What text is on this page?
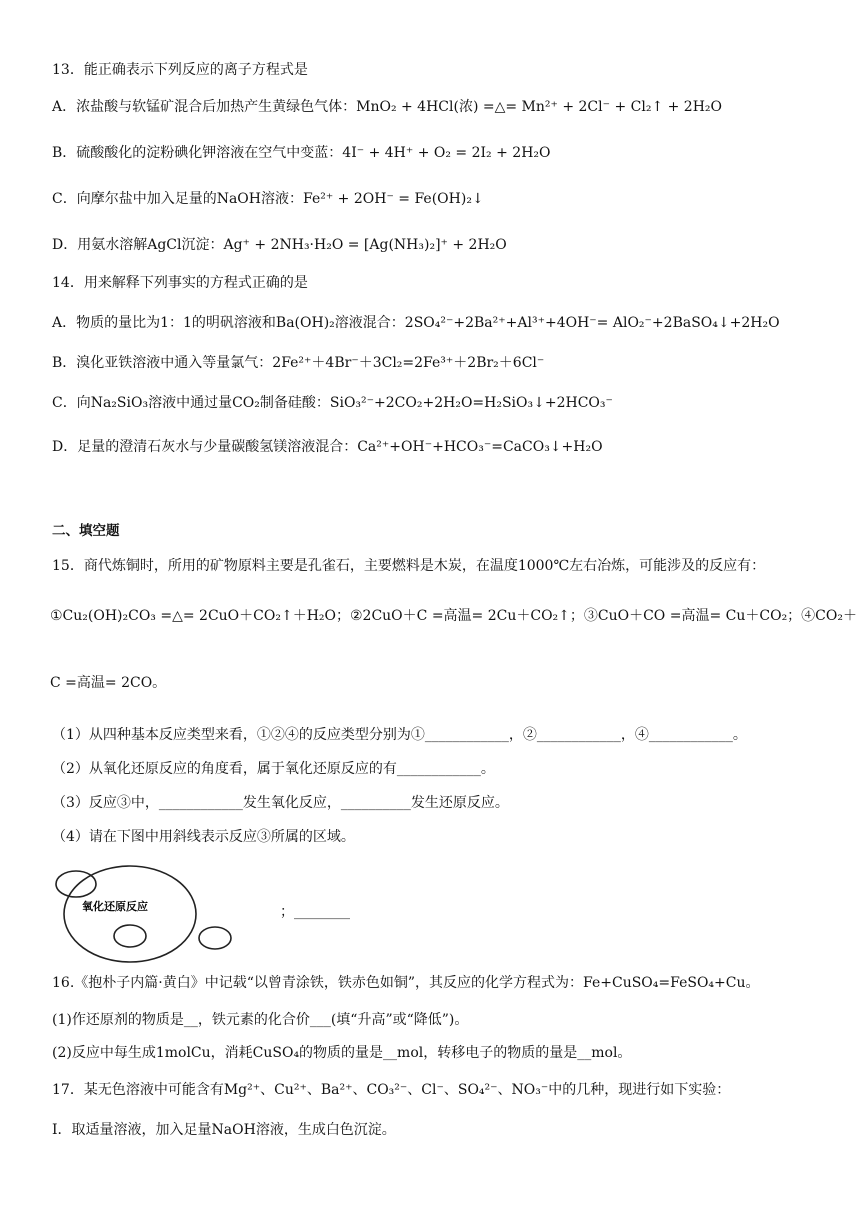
13．能正确表示下列反应的离子方程式是
A．浓盐酸与软锰矿混合后加热产生黄绿色气体：MnO₂ + 4HCl(浓) =△= Mn²⁺ + 2Cl⁻ + Cl₂↑ + 2H₂O
B．硫酸酸化的淀粉碘化钾溶液在空气中变蓝：4I⁻ + 4H⁺ + O₂ = 2I₂ + 2H₂O
C．向摩尔盐中加入足量的NaOH溶液：Fe²⁺ + 2OH⁻ = Fe(OH)₂↓
D．用氨水溶解AgCl沉淀：Ag⁺ + 2NH₃·H₂O = [Ag(NH₃)₂]⁺ + 2H₂O
14．用来解释下列事实的方程式正确的是
A．物质的量比为1：1的明矾溶液和Ba(OH)₂溶液混合：2SO₄²⁻+2Ba²⁺+Al³⁺+4OH⁻= AlO₂⁻+2BaSO₄↓+2H₂O
B．溴化亚铁溶液中通入等量氯气：2Fe²⁺＋4Br⁻＋3Cl₂=2Fe³⁺＋2Br₂＋6Cl⁻
C．向Na₂SiO₃溶液中通过量CO₂制备硅酸：SiO₃²⁻+2CO₂+2H₂O=H₂SiO₃↓+2HCO₃⁻
D．足量的澄清石灰水与少量碳酸氢镁溶液混合：Ca²⁺+OH⁻+HCO₃⁻=CaCO₃↓+H₂O
二、填空题
15．商代炼铜时，所用的矿物原料主要是孔雀石，主要燃料是木炭，在温度1000℃左右冶炼，可能涉及的反应有：
①Cu₂(OH)₂CO₃ =△= 2CuO＋CO₂↑＋H₂O；②2CuO＋C =高温= 2Cu＋CO₂↑；③CuO＋CO =高温= Cu＋CO₂；④CO₂＋
C =高温= 2CO。
（1）从四种基本反应类型来看，①②④的反应类型分别为①____________，②____________，④____________。
（2）从氧化还原反应的角度看，属于氧化还原反应的有____________。
（3）反应③中，____________发生氧化反应，__________发生还原反应。
（4）请在下图中用斜线表示反应③所属的区域。
氧化还原反应	；________
16.《抱朴子内篇·黄白》中记载“以曾青涂铁，铁赤色如铜”，其反应的化学方程式为：Fe+CuSO₄=FeSO₄+Cu。
(1)作还原剂的物质是__，铁元素的化合价___(填“升高”或“降低”)。
(2)反应中每生成1molCu，消耗CuSO₄的物质的量是__mol，转移电子的物质的量是__mol。
17．某无色溶液中可能含有Mg²⁺、Cu²⁺、Ba²⁺、CO₃²⁻、Cl⁻、SO₄²⁻、NO₃⁻中的几种，现进行如下实验：
Ⅰ．取适量溶液，加入足量NaOH溶液，生成白色沉淀。
